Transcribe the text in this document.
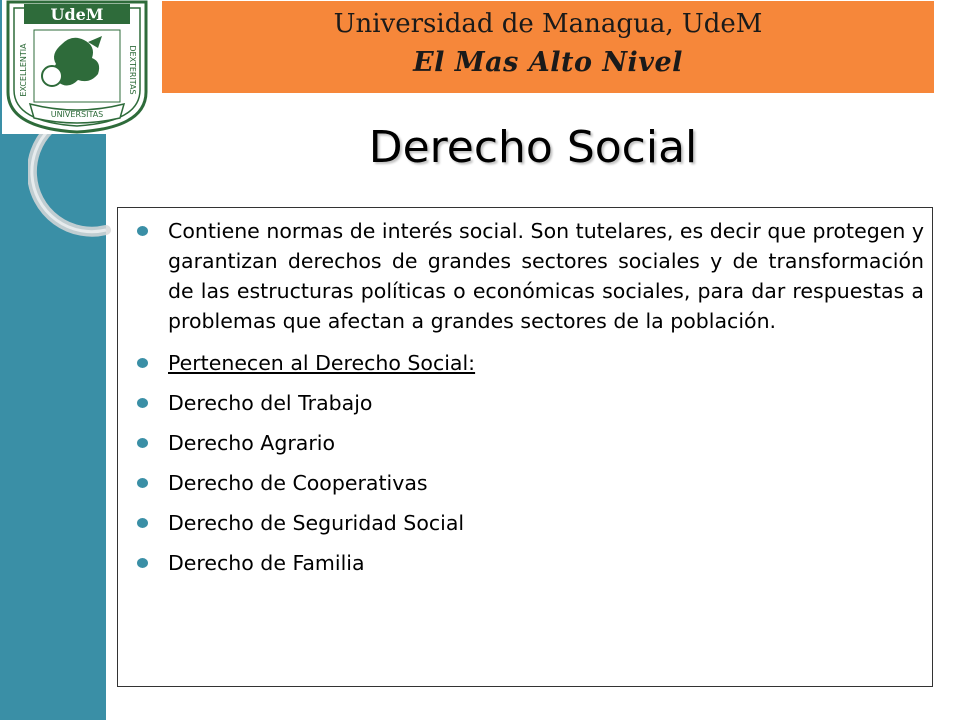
UdeM
EXCELLENTIA	DEXTERITAS
UNIVERSITAS
Universidad de Managua, UdeM
El Mas Alto Nivel
Derecho Social
Contiene normas de interés social. Son tutelares, es decir que protegen y garantizan derechos de grandes sectores sociales y de transformación de las estructuras políticas o económicas sociales, para dar respuestas a problemas que afectan a grandes sectores de la población.
Pertenecen al Derecho Social:
Derecho del Trabajo
Derecho Agrario
Derecho de Cooperativas
Derecho de Seguridad Social
Derecho de Familia
